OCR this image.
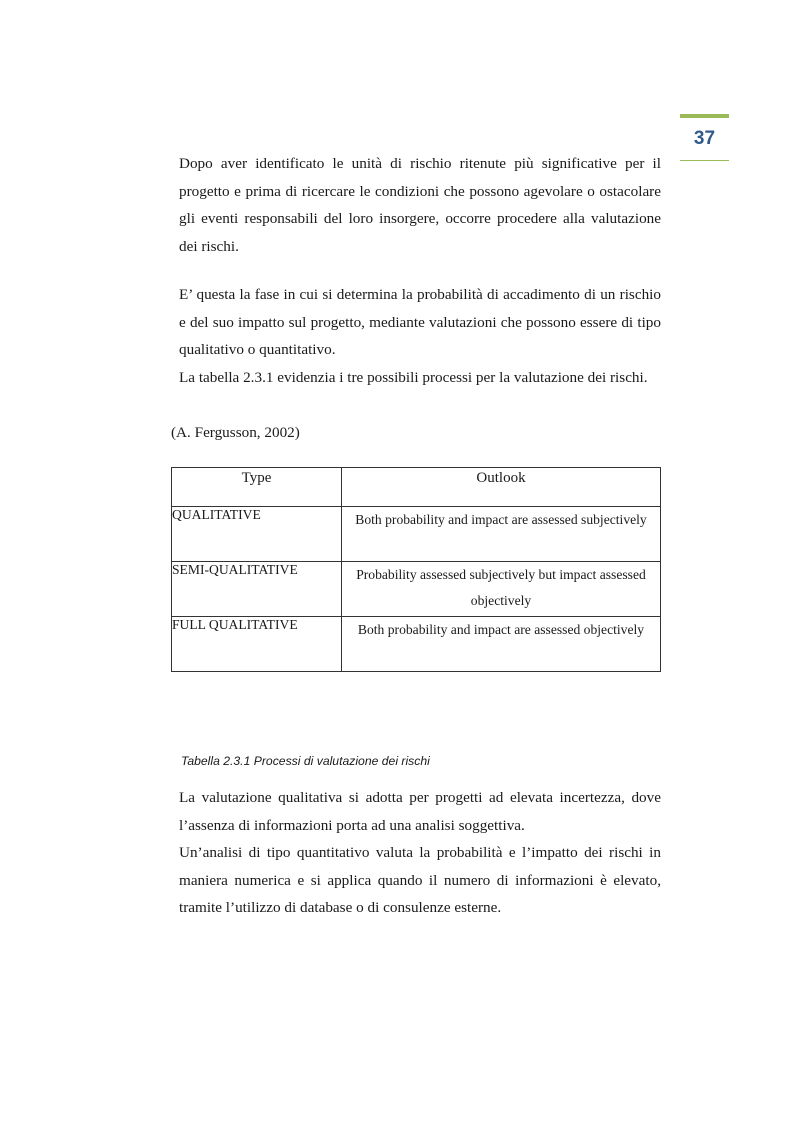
37

Dopo aver identificato le unità di rischio ritenute più significative per il progetto e prima di ricercare le condizioni che possono agevolare o ostacolare gli eventi responsabili del loro insorgere, occorre procedere alla valutazione dei rischi.

E’ questa la fase in cui si determina la probabilità di accadimento di un rischio e del suo impatto sul progetto, mediante valutazioni che possono essere di tipo qualitativo o quantitativo.

La tabella 2.3.1 evidenzia i tre possibili processi per la valutazione dei rischi.

(A. Fergusson, 2002)

Type	Outlook
QUALITATIVE	Both probability and impact are assessed subjectively
SEMI-QUALITATIVE	Probability assessed subjectively but impact assessed objectively
FULL QUALITATIVE	Both probability and impact are assessed objectively

Tabella 2.3.1 Processi di valutazione dei rischi

La valutazione qualitativa si adotta per progetti ad elevata incertezza, dove l’assenza di informazioni porta ad una analisi soggettiva.
Un’analisi di tipo quantitativo valuta la probabilità e l’impatto dei rischi in maniera numerica e si applica quando il numero di informazioni è elevato, tramite l’utilizzo di database o di consulenze esterne.
